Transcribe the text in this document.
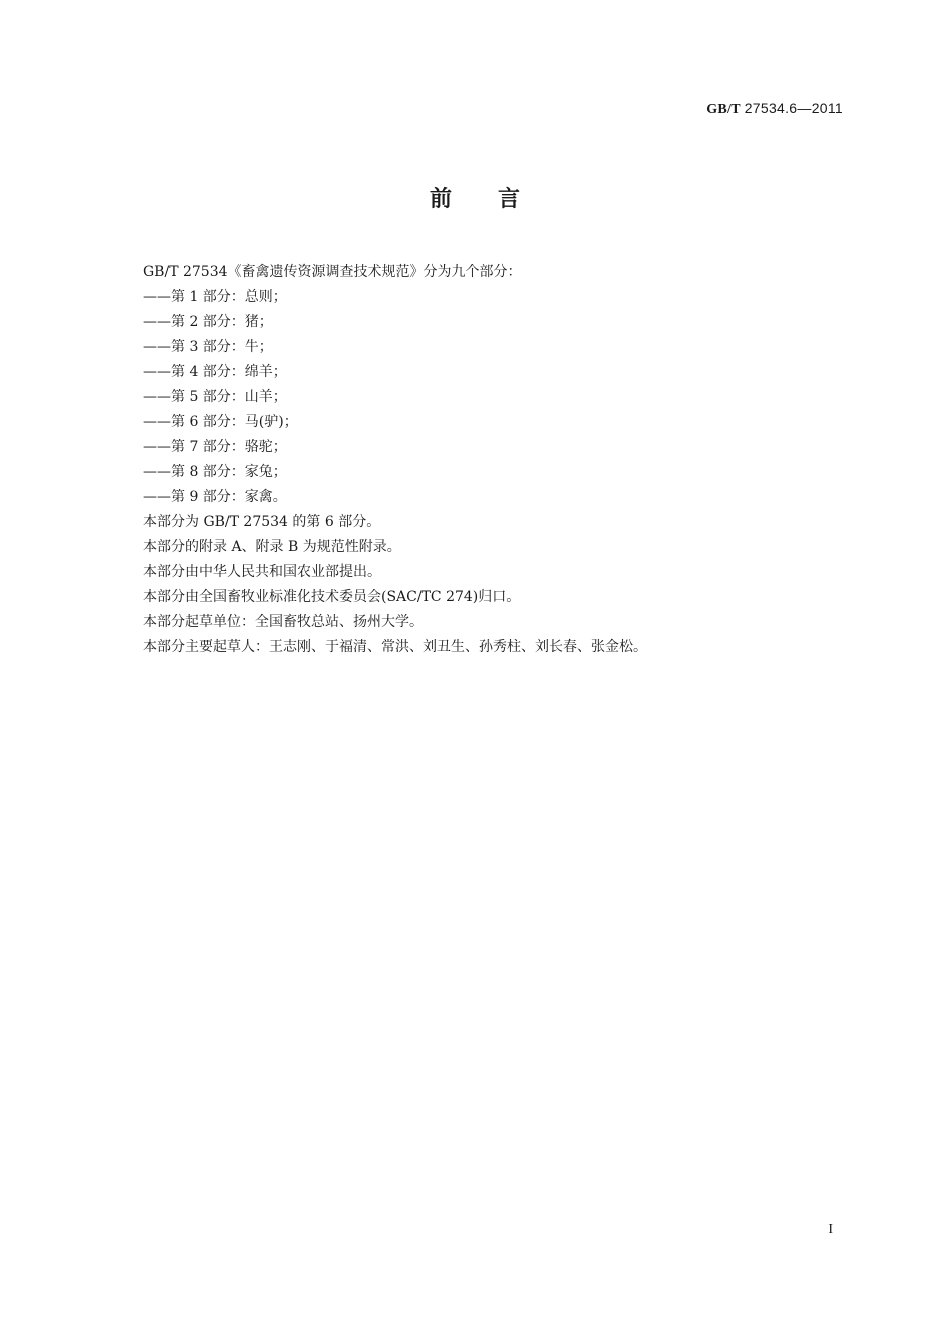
GB/T 27534.6—2011
前言
GB/T 27534《畜禽遗传资源调查技术规范》分为九个部分：
——第 1 部分：总则；
——第 2 部分：猪；
——第 3 部分：牛；
——第 4 部分：绵羊；
——第 5 部分：山羊；
——第 6 部分：马(驴)；
——第 7 部分：骆驼；
——第 8 部分：家兔；
——第 9 部分：家禽。
本部分为 GB/T 27534 的第 6 部分。
本部分的附录 A、附录 B 为规范性附录。
本部分由中华人民共和国农业部提出。
本部分由全国畜牧业标准化技术委员会(SAC/TC 274)归口。
本部分起草单位：全国畜牧总站、扬州大学。
本部分主要起草人：王志刚、于福清、常洪、刘丑生、孙秀柱、刘长春、张金松。
I
